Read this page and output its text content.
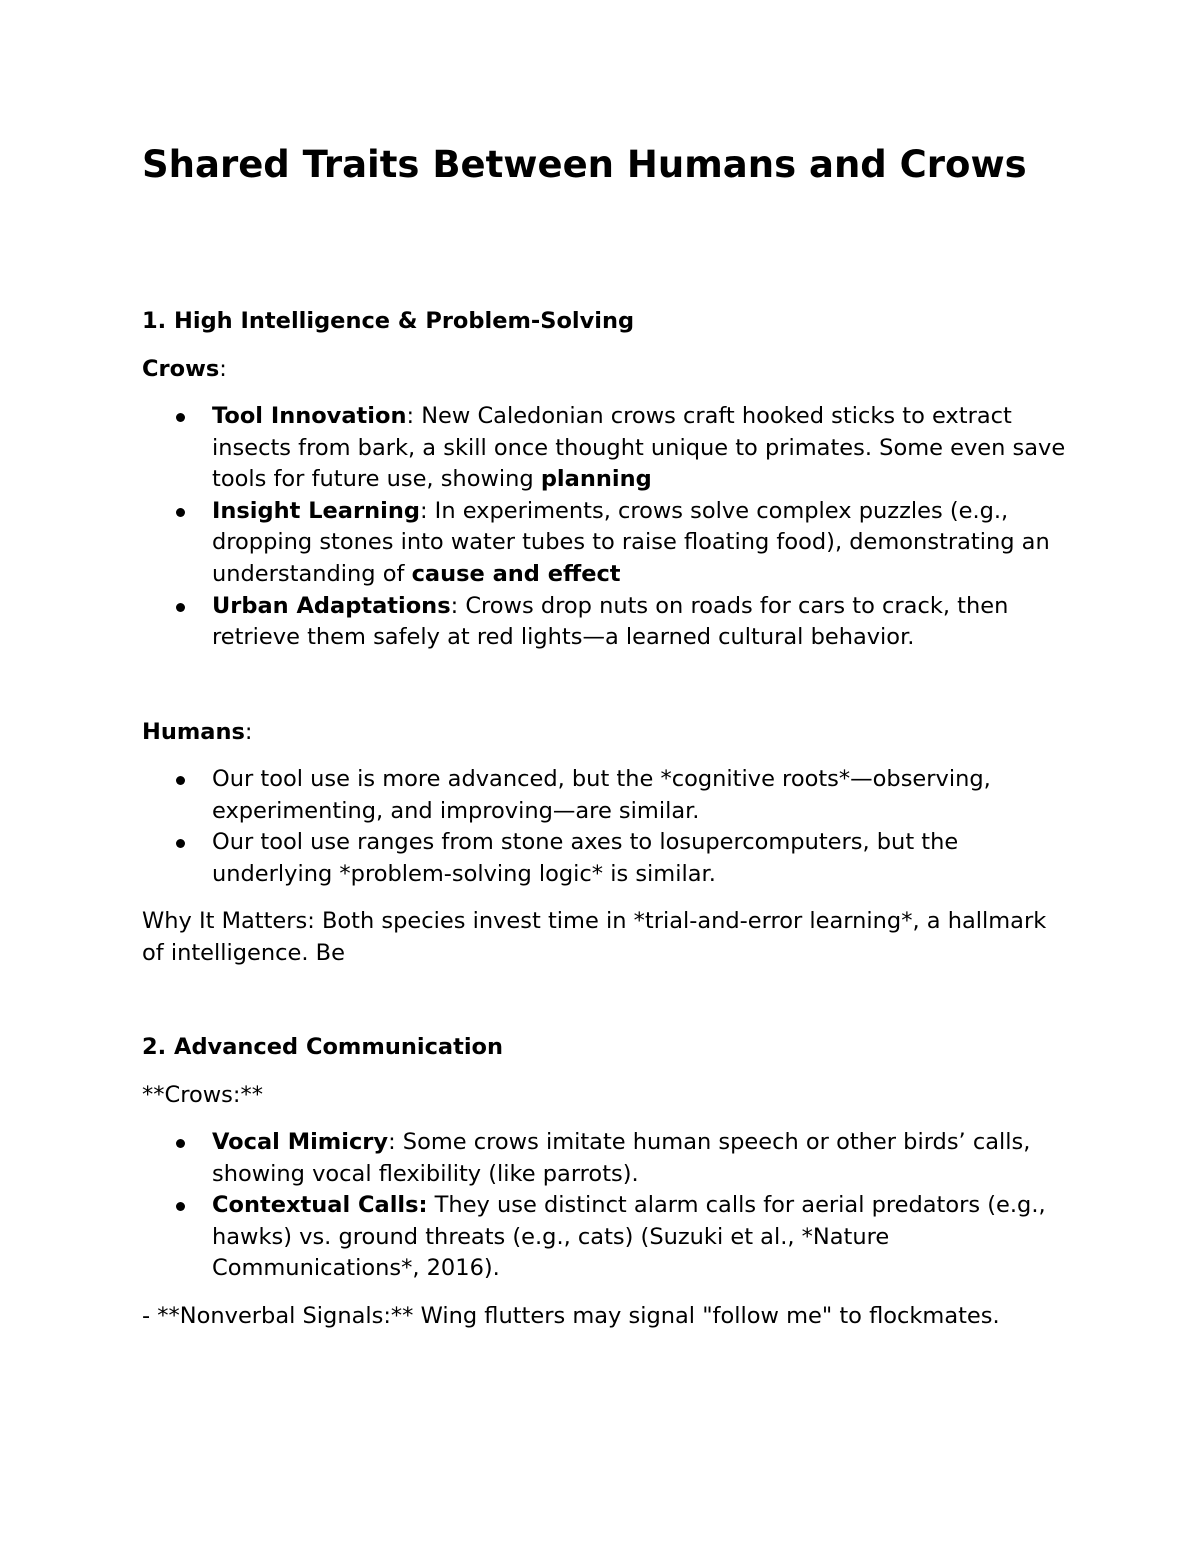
Shared Traits Between Humans and Crows
1. High Intelligence & Problem-Solving
Crows:
Tool Innovation: New Caledonian crows craft hooked sticks to extract insects from bark, a skill once thought unique to primates. Some even save tools for future use, showing planning
Insight Learning: In experiments, crows solve complex puzzles (e.g., dropping stones into water tubes to raise floating food), demonstrating an understanding of cause and effect
Urban Adaptations: Crows drop nuts on roads for cars to crack, then retrieve them safely at red lights—a learned cultural behavior.
Humans:
Our tool use is more advanced, but the *cognitive roots*—observing, experimenting, and improving—are similar.
Our tool use ranges from stone axes to losupercomputers, but the underlying *problem-solving logic* is similar.
Why It Matters: Both species invest time in *trial-and-error learning*, a hallmark of intelligence. Be
2. Advanced Communication
**Crows:**
Vocal Mimicry: Some crows imitate human speech or other birds’ calls, showing vocal flexibility (like parrots).
Contextual Calls: They use distinct alarm calls for aerial predators (e.g., hawks) vs. ground threats (e.g., cats) (Suzuki et al., *Nature Communications*, 2016).
- **Nonverbal Signals:** Wing flutters may signal "follow me" to flockmates.
